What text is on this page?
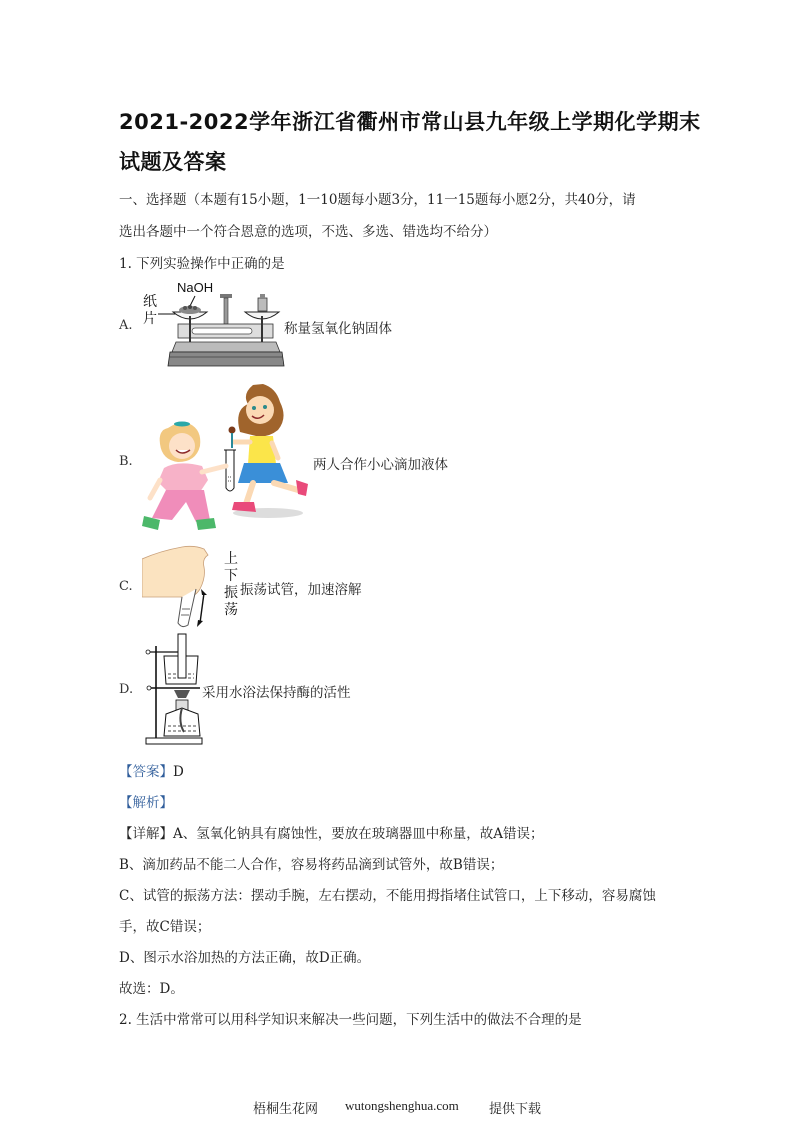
2021-2022学年浙江省衢州市常山县九年级上学期化学期末
试题及答案
一、选择题（本题有15小题，1一10题每小题3分，11一15题每小愿2分，共40分，请
选出各题中一个符合恩意的选项，不选、多选、错选均不给分）
1. 下列实验操作中正确的是
A.
NaOH
纸片
称量氢氧化钠固体
B.	两人合作小心滴加液体
C.
上
下
振
荡
振荡试管，加速溶解
D.	采用水浴法保持酶的活性
【答案】D
【解析】
【详解】A、氢氧化钠具有腐蚀性，要放在玻璃器皿中称量，故A错误；
B、滴加药品不能二人合作，容易将药品滴到试管外，故B错误；
C、试管的振荡方法：摆动手腕，左右摆动，不能用拇指堵住试管口，上下移动，容易腐蚀
手，故C错误；
D、图示水浴加热的方法正确，故D正确。
故选：D。
2. 生活中常常可以用科学知识来解决一些问题，下列生活中的做法不合理的是
梧桐生花网 wutongshenghua.com 提供下载
